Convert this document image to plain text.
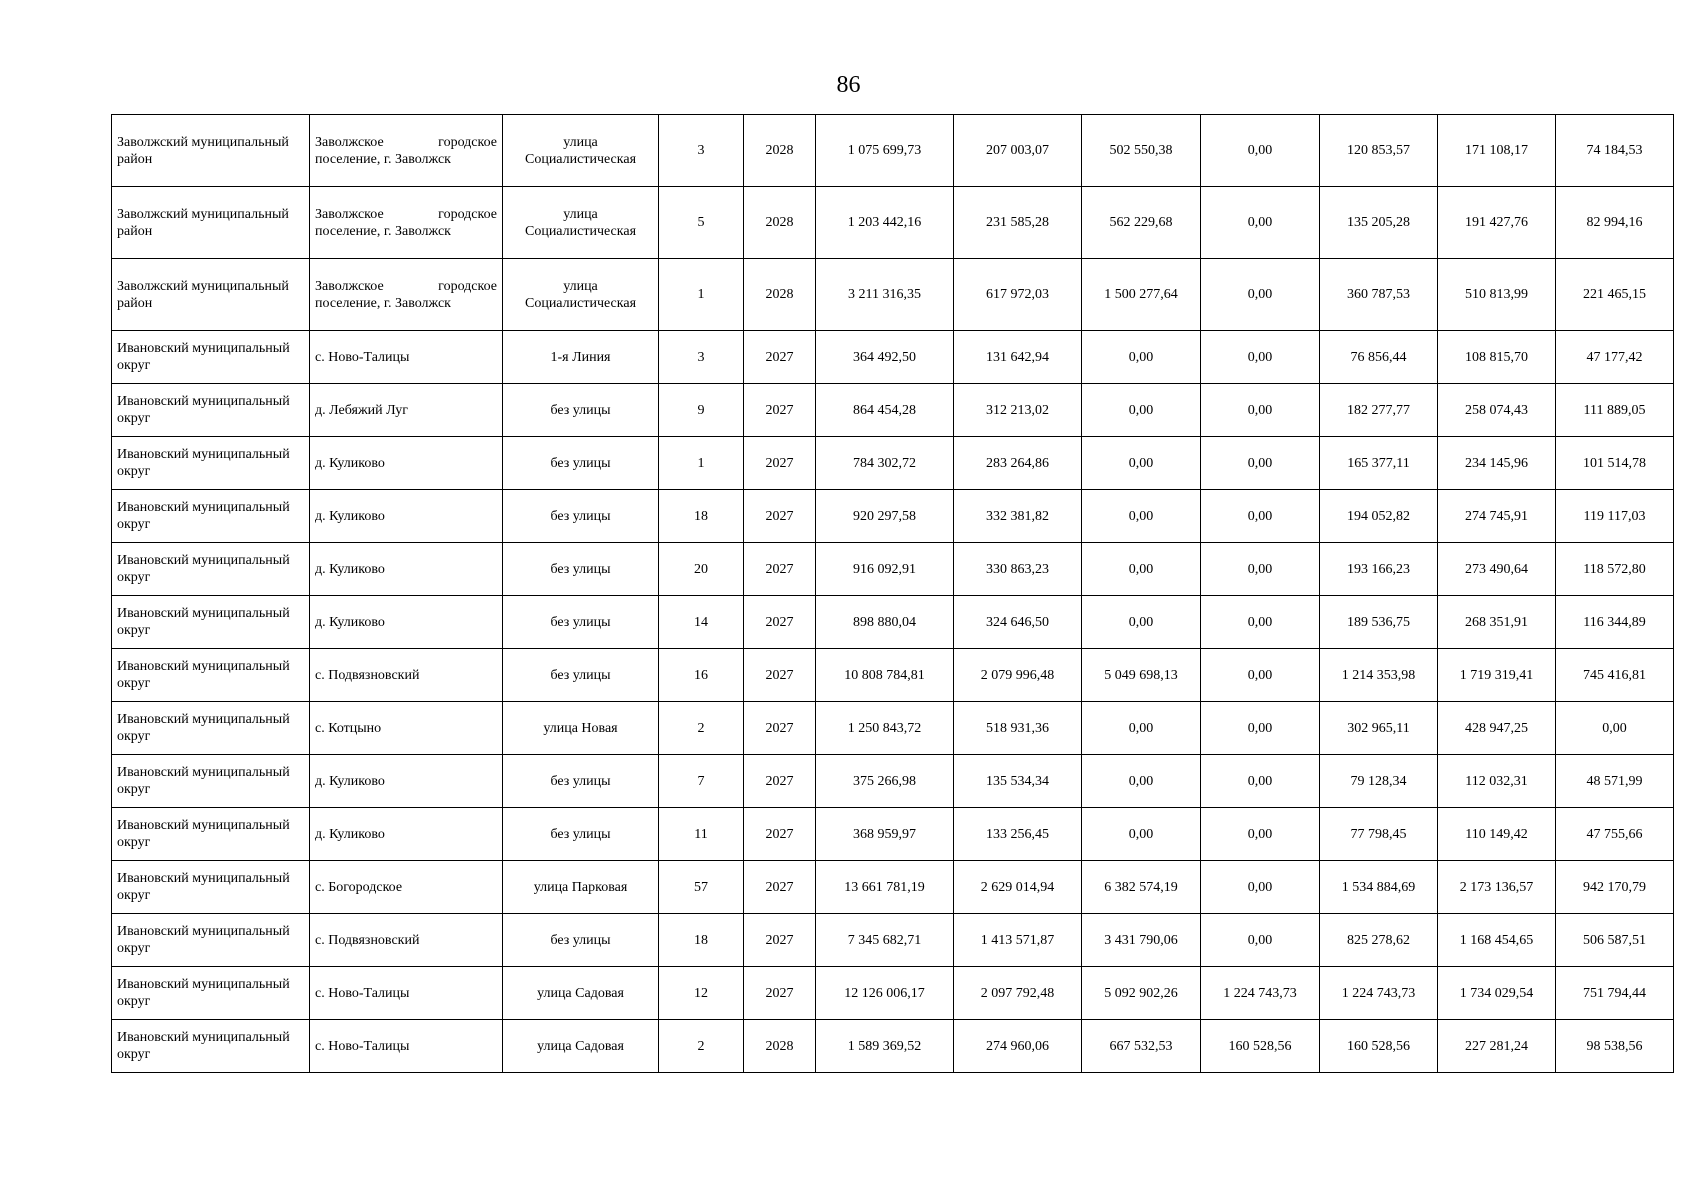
86
Заволжский муниципальный район	Заволжское городское поселение, г. Заволжск	улица Социалистическая	3	2028	1 075 699,73	207 003,07	502 550,38	0,00	120 853,57	171 108,17	74 184,53
Заволжский муниципальный район	Заволжское городское поселение, г. Заволжск	улица Социалистическая	5	2028	1 203 442,16	231 585,28	562 229,68	0,00	135 205,28	191 427,76	82 994,16
Заволжский муниципальный район	Заволжское городское поселение, г. Заволжск	улица Социалистическая	1	2028	3 211 316,35	617 972,03	1 500 277,64	0,00	360 787,53	510 813,99	221 465,15
Ивановский муниципальный округ	с. Ново-Талицы	1-я Линия	3	2027	364 492,50	131 642,94	0,00	0,00	76 856,44	108 815,70	47 177,42
Ивановский муниципальный округ	д. Лебяжий Луг	без улицы	9	2027	864 454,28	312 213,02	0,00	0,00	182 277,77	258 074,43	111 889,05
Ивановский муниципальный округ	д. Куликово	без улицы	1	2027	784 302,72	283 264,86	0,00	0,00	165 377,11	234 145,96	101 514,78
Ивановский муниципальный округ	д. Куликово	без улицы	18	2027	920 297,58	332 381,82	0,00	0,00	194 052,82	274 745,91	119 117,03
Ивановский муниципальный округ	д. Куликово	без улицы	20	2027	916 092,91	330 863,23	0,00	0,00	193 166,23	273 490,64	118 572,80
Ивановский муниципальный округ	д. Куликово	без улицы	14	2027	898 880,04	324 646,50	0,00	0,00	189 536,75	268 351,91	116 344,89
Ивановский муниципальный округ	с. Подвязновский	без улицы	16	2027	10 808 784,81	2 079 996,48	5 049 698,13	0,00	1 214 353,98	1 719 319,41	745 416,81
Ивановский муниципальный округ	с. Котцыно	улица Новая	2	2027	1 250 843,72	518 931,36	0,00	0,00	302 965,11	428 947,25	0,00
Ивановский муниципальный округ	д. Куликово	без улицы	7	2027	375 266,98	135 534,34	0,00	0,00	79 128,34	112 032,31	48 571,99
Ивановский муниципальный округ	д. Куликово	без улицы	11	2027	368 959,97	133 256,45	0,00	0,00	77 798,45	110 149,42	47 755,66
Ивановский муниципальный округ	с. Богородское	улица Парковая	57	2027	13 661 781,19	2 629 014,94	6 382 574,19	0,00	1 534 884,69	2 173 136,57	942 170,79
Ивановский муниципальный округ	с. Подвязновский	без улицы	18	2027	7 345 682,71	1 413 571,87	3 431 790,06	0,00	825 278,62	1 168 454,65	506 587,51
Ивановский муниципальный округ	с. Ново-Талицы	улица Садовая	12	2027	12 126 006,17	2 097 792,48	5 092 902,26	1 224 743,73	1 224 743,73	1 734 029,54	751 794,44
Ивановский муниципальный округ	с. Ново-Талицы	улица Садовая	2	2028	1 589 369,52	274 960,06	667 532,53	160 528,56	160 528,56	227 281,24	98 538,56
